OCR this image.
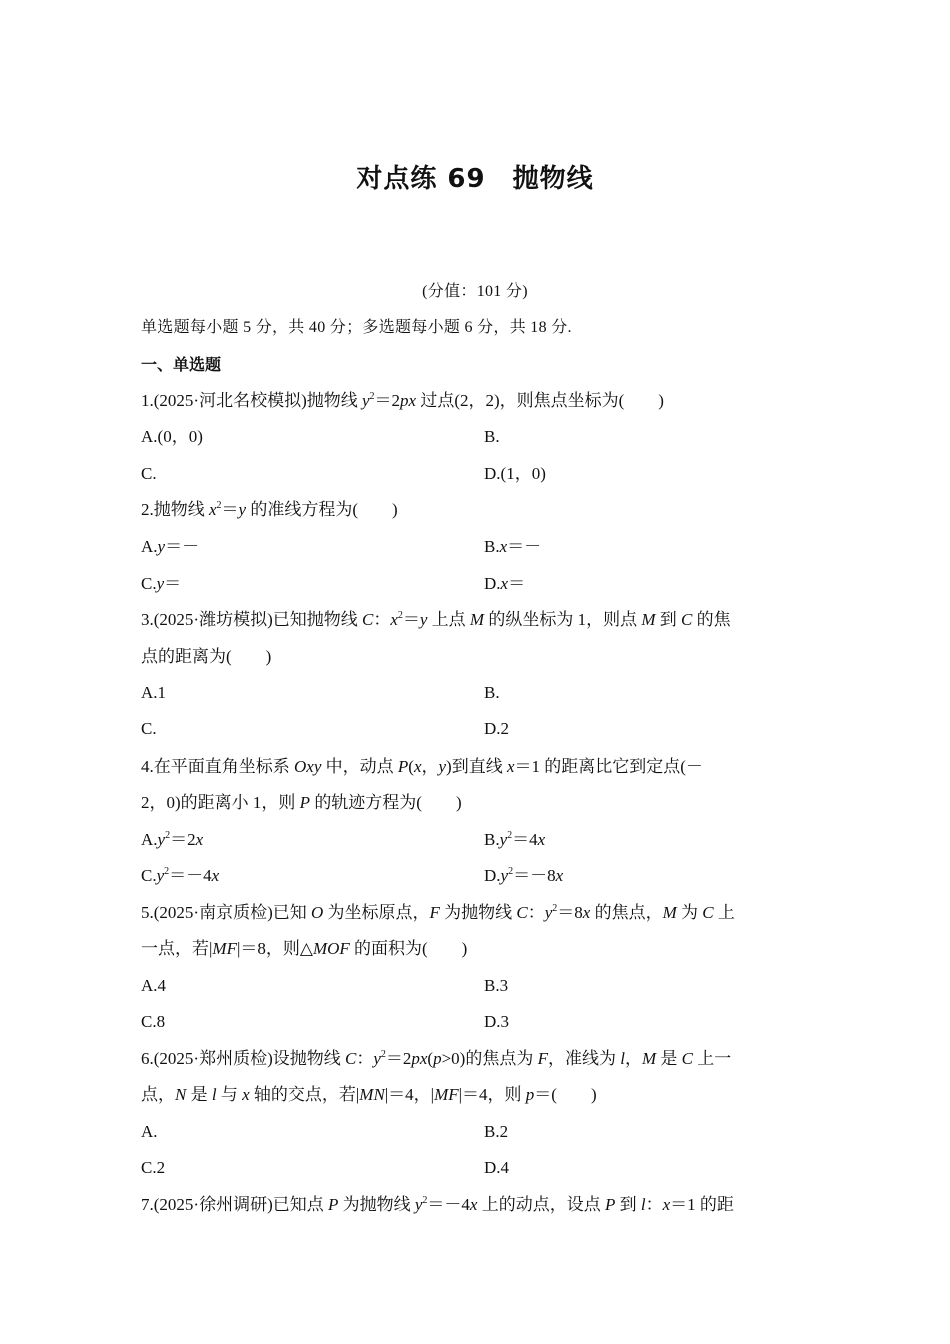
对点练 69　抛物线
(分值：101 分)
单选题每小题 5 分，共 40 分；多选题每小题 6 分，共 18 分.
一、单选题
1.(2025·河北名校模拟)抛物线 $y^2=2px$ 过点(2，2)，则焦点坐标为(　　)
A.(0，0)	B.
C.	D.(1，0)
2.抛物线 $x^2=y$ 的准线方程为(　　)
A.y＝－	B.x＝－
C.y＝	D.x＝
3.(2025·潍坊模拟)已知抛物线 C：$x^2=y$ 上点 M 的纵坐标为 1，则点 M 到 C 的焦
点的距离为(　　)
A.1	B.
C.	D.2
4.在平面直角坐标系 Oxy 中，动点 P(x，y)到直线 x＝1 的距离比它到定点(－
2，0)的距离小 1，则 P 的轨迹方程为(　　)
$A.y^2=2x$	$B.y^2=4x$
$C.y^2=-4x$	$D.y^2=-8x$
5.(2025·南京质检)已知 O 为坐标原点，F 为抛物线 C：$y^2=8x$ 的焦点，M 为 C 上
一点，若|MF|＝8，则△MOF 的面积为(　　)
A.4	B.3
C.8	D.3
6.(2025·郑州质检)设抛物线 C：$y^2=2px(p>0)$的焦点为 F，准线为 l，M 是 C 上一
点，N 是 l 与 x 轴的交点，若|MN|＝4，|MF|＝4，则 p＝(　　)
A.	B.2
C.2	D.4
7.(2025·徐州调研)已知点 P 为抛物线 $y^2=-4x$ 上的动点，设点 P 到 l：x＝1 的距
